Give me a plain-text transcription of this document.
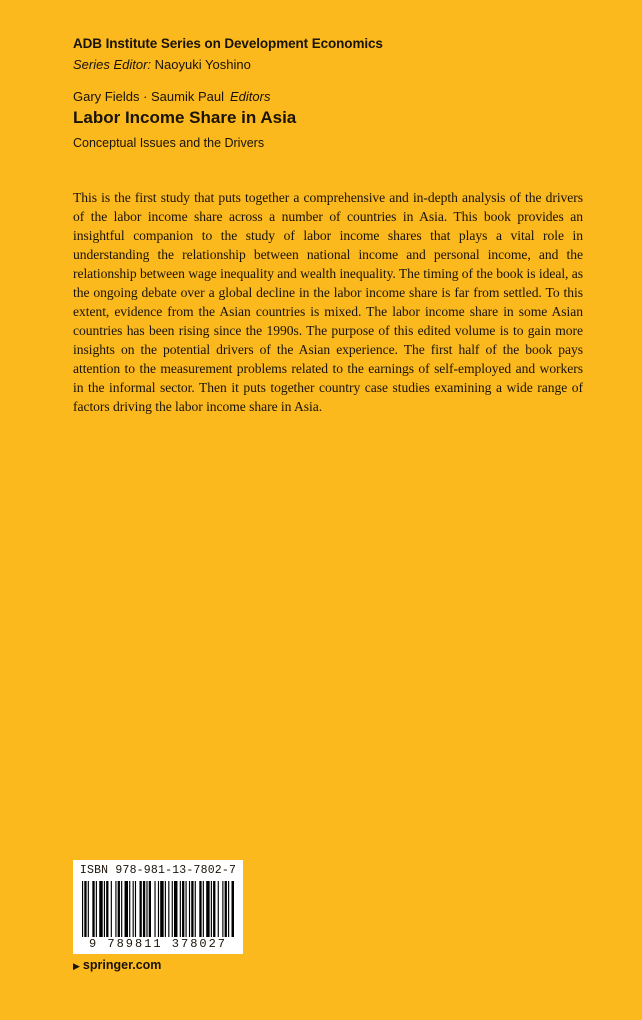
ADB Institute Series on Development Economics
Series Editor: Naoyuki Yoshino
Gary Fields · Saumik Paul Editors
Labor Income Share in Asia
Conceptual Issues and the Drivers

This is the first study that puts together a comprehensive and in-depth analysis of the drivers of the labor income share across a number of countries in Asia. This book provides an insightful companion to the study of labor income shares that plays a vital role in understanding the relationship between national income and personal income, and the relationship between wage inequality and wealth inequality. The timing of the book is ideal, as the ongoing debate over a global decline in the labor income share is far from settled. To this extent, evidence from the Asian countries is mixed. The labor income share in some Asian countries has been rising since the 1990s. The purpose of this edited volume is to gain more insights on the potential drivers of the Asian experience. The first half of the book pays attention to the measurement problems related to the earnings of self-employed and workers in the informal sector. Then it puts together country case studies examining a wide range of factors driving the labor income share in Asia.

ISBN 978-981-13-7802-7
9 789811 378027
▶ springer.com
